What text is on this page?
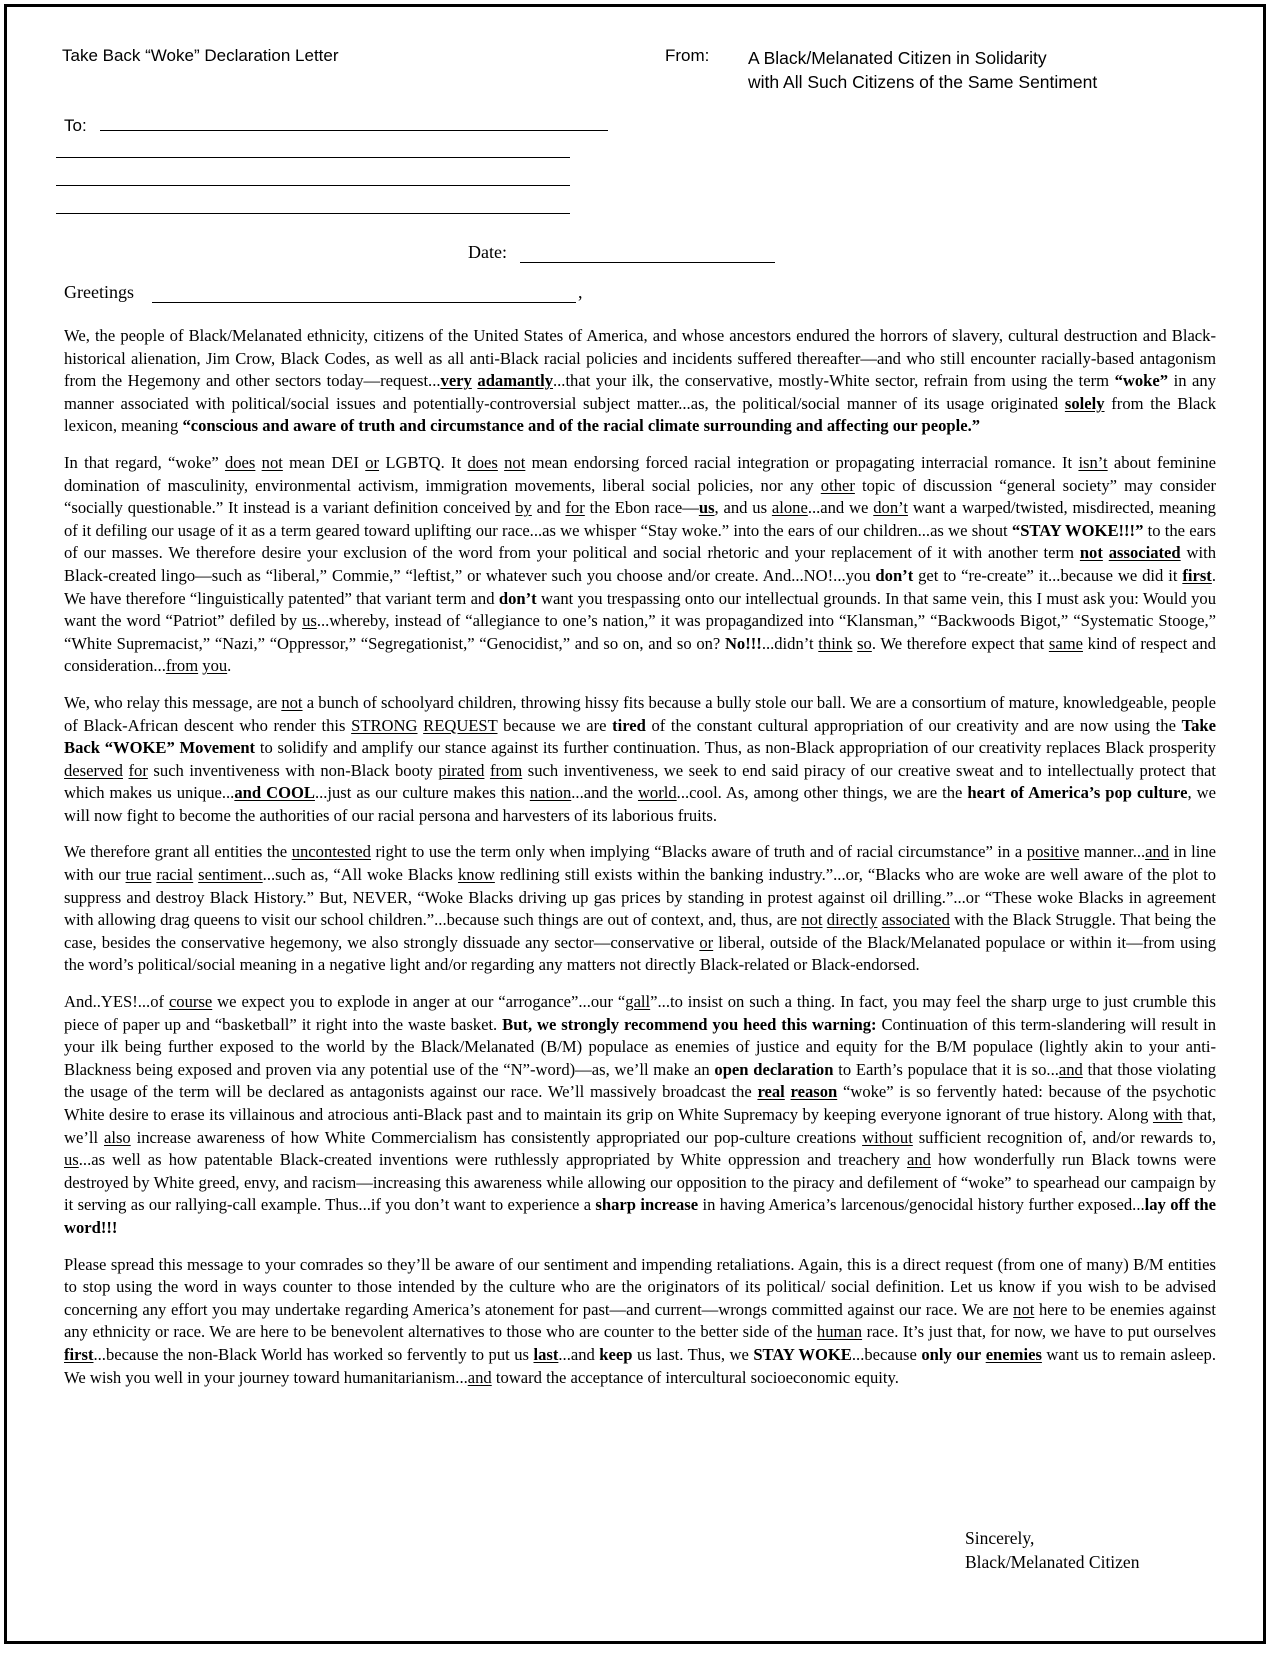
Take Back “Woke” Declaration Letter	From: A Black/Melanated Citizen in Solidarity
with All Such Citizens of the Same Sentiment
To:
Date:
Greetings	,

We, the people of Black/Melanated ethnicity, citizens of the United States of America, and whose ancestors endured the horrors of slavery, cultural destruction and Black-historical alienation, Jim Crow, Black Codes, as well as all anti-Black racial policies and incidents suffered thereafter—and who still encounter racially-based antagonism from the Hegemony and other sectors today—request...very adamantly...that your ilk, the conservative, mostly-White sector, refrain from using the term “woke” in any manner associated with political/social issues and potentially-controversial subject matter...as, the political/social manner of its usage originated solely from the Black lexicon, meaning “conscious and aware of truth and circumstance and of the racial climate surrounding and affecting our people.”

In that regard, “woke” does not mean DEI or LGBTQ. It does not mean endorsing forced racial integration or propagating interracial romance. It isn’t about feminine domination of masculinity, environmental activism, immigration movements, liberal social policies, nor any other topic of discussion “general society” may consider “socially questionable.” It instead is a variant definition conceived by and for the Ebon race—us, and us alone...and we don’t want a warped/twisted, misdirected, meaning of it defiling our usage of it as a term geared toward uplifting our race...as we whisper “Stay woke.” into the ears of our children...as we shout “STAY WOKE!!!” to the ears of our masses. We therefore desire your exclusion of the word from your political and social rhetoric and your replacement of it with another term not associated with Black-created lingo—such as “liberal,” Commie,” “leftist,” or whatever such you choose and/or create. And...NO!...you don’t get to “re-create” it...because we did it first. We have therefore “linguistically patented” that variant term and don’t want you trespassing onto our intellectual grounds. In that same vein, this I must ask you: Would you want the word “Patriot” defiled by us...whereby, instead of “allegiance to one’s nation,” it was propagandized into “Klansman,” “Backwoods Bigot,” “Systematic Stooge,” “White Supremacist,” “Nazi,” “Oppressor,” “Segregationist,” “Genocidist,” and so on, and so on? No!!!...didn’t think so. We therefore expect that same kind of respect and consideration...from you.

We, who relay this message, are not a bunch of schoolyard children, throwing hissy fits because a bully stole our ball. We are a consortium of mature, knowledgeable, people of Black-African descent who render this STRONG REQUEST because we are tired of the constant cultural appropriation of our creativity and are now using the Take Back “WOKE” Movement to solidify and amplify our stance against its further continuation. Thus, as non-Black appropriation of our creativity replaces Black prosperity deserved for such inventiveness with non-Black booty pirated from such inventiveness, we seek to end said piracy of our creative sweat and to intellectually protect that which makes us unique...and COOL...just as our culture makes this nation...and the world...cool. As, among other things, we are the heart of America’s pop culture, we will now fight to become the authorities of our racial persona and harvesters of its laborious fruits.

We therefore grant all entities the uncontested right to use the term only when implying “Blacks aware of truth and of racial circumstance” in a positive manner...and in line with our true racial sentiment...such as, “All woke Blacks know redlining still exists within the banking industry.”...or, “Blacks who are woke are well aware of the plot to suppress and destroy Black History.” But, NEVER, “Woke Blacks driving up gas prices by standing in protest against oil drilling.”...or “These woke Blacks in agreement with allowing drag queens to visit our school children.”...because such things are out of context, and, thus, are not directly associated with the Black Struggle. That being the case, besides the conservative hegemony, we also strongly dissuade any sector—conservative or liberal, outside of the Black/Melanated populace or within it—from using the word’s political/social meaning in a negative light and/or regarding any matters not directly Black-related or Black-endorsed.

And..YES!...of course we expect you to explode in anger at our “arrogance”...our “gall”...to insist on such a thing. In fact, you may feel the sharp urge to just crumble this piece of paper up and “basketball” it right into the waste basket. But, we strongly recommend you heed this warning: Continuation of this term-slandering will result in your ilk being further exposed to the world by the Black/Melanated (B/M) populace as enemies of justice and equity for the B/M populace (lightly akin to your anti-Blackness being exposed and proven via any potential use of the “N”-word)—as, we’ll make an open declaration to Earth’s populace that it is so...and that those violating the usage of the term will be declared as antagonists against our race. We’ll massively broadcast the real reason “woke” is so fervently hated: because of the psychotic White desire to erase its villainous and atrocious anti-Black past and to maintain its grip on White Supremacy by keeping everyone ignorant of true history. Along with that, we’ll also increase awareness of how White Commercialism has consistently appropriated our pop-culture creations without sufficient recognition of, and/or rewards to, us...as well as how patentable Black-created inventions were ruthlessly appropriated by White oppression and treachery and how wonderfully run Black towns were destroyed by White greed, envy, and racism—increasing this awareness while allowing our opposition to the piracy and defilement of “woke” to spearhead our campaign by it serving as our rallying-call example. Thus...if you don’t want to experience a sharp increase in having America’s larcenous/genocidal history further exposed...lay off the word!!!

Please spread this message to your comrades so they’ll be aware of our sentiment and impending retaliations. Again, this is a direct request (from one of many) B/M entities to stop using the word in ways counter to those intended by the culture who are the originators of its political/ social definition. Let us know if you wish to be advised concerning any effort you may undertake regarding America’s atonement for past—and current—wrongs committed against our race. We are not here to be enemies against any ethnicity or race. We are here to be benevolent alternatives to those who are counter to the better side of the human race. It’s just that, for now, we have to put ourselves first...because the non-Black World has worked so fervently to put us last...and keep us last. Thus, we STAY WOKE...because only our enemies want us to remain asleep. We wish you well in your journey toward humanitarianism...and toward the acceptance of intercultural socioeconomic equity.

Sincerely,
Black/Melanated Citizen
